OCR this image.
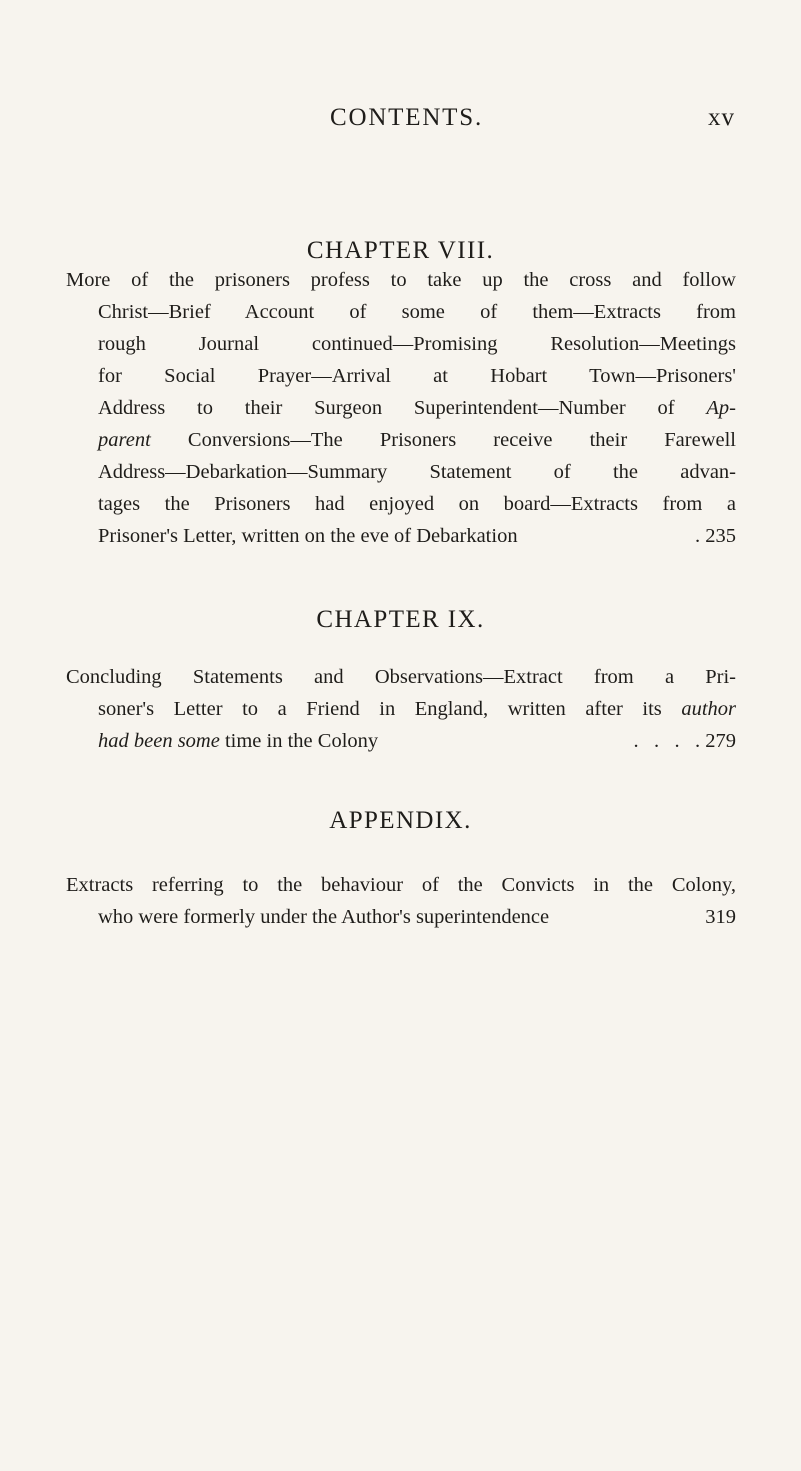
CONTENTS.	xv
CHAPTER VIII.
More of the prisoners profess to take up the cross and follow
Christ—Brief Account of some of them—Extracts from
rough Journal continued—Promising Resolution—Meetings
for Social Prayer—Arrival at Hobart Town—Prisoners'
Address to their Surgeon Superintendent—Number of Ap-
parent Conversions—The Prisoners receive their Farewell
Address—Debarkation—Summary Statement of the advan-
tages the Prisoners had enjoyed on board—Extracts from a
Prisoner's Letter, written on the eve of Debarkation	. 235
CHAPTER IX.
Concluding Statements and Observations—Extract from a Pri-
soner's Letter to a Friend in England, written after its author
had been some time in the Colony	.   .   .   . 279
APPENDIX.
Extracts referring to the behaviour of the Convicts in the Colony,
who were formerly under the Author's superintendence	319
